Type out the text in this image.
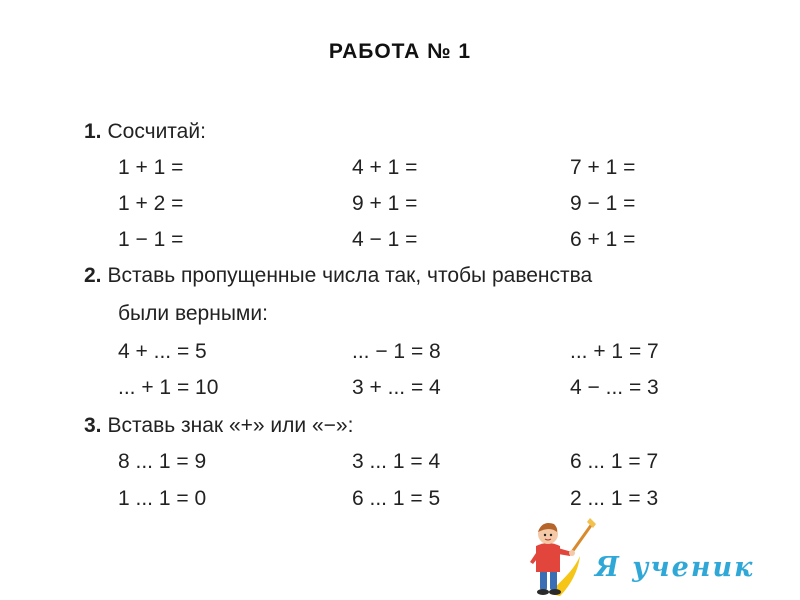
РАБОТА № 1
1. Сосчитай:
1 + 1 =	4 + 1 =	7 + 1 =
1 + 2 =	9 + 1 =	9 − 1 =
1 − 1 =	4 − 1 =	6 + 1 =
2. Вставь пропущенные числа так, чтобы равенства
были верными:
4 + ... = 5	... − 1 = 8	... + 1 = 7
... + 1 = 10	3 + ... = 4	4 − ... = 3
3. Вставь знак «+» или «−»:
8 ... 1 = 9	3 ... 1 = 4	6 ... 1 = 7
1 ... 1 = 0	6 ... 1 = 5	2 ... 1 = 3
Я ученик
